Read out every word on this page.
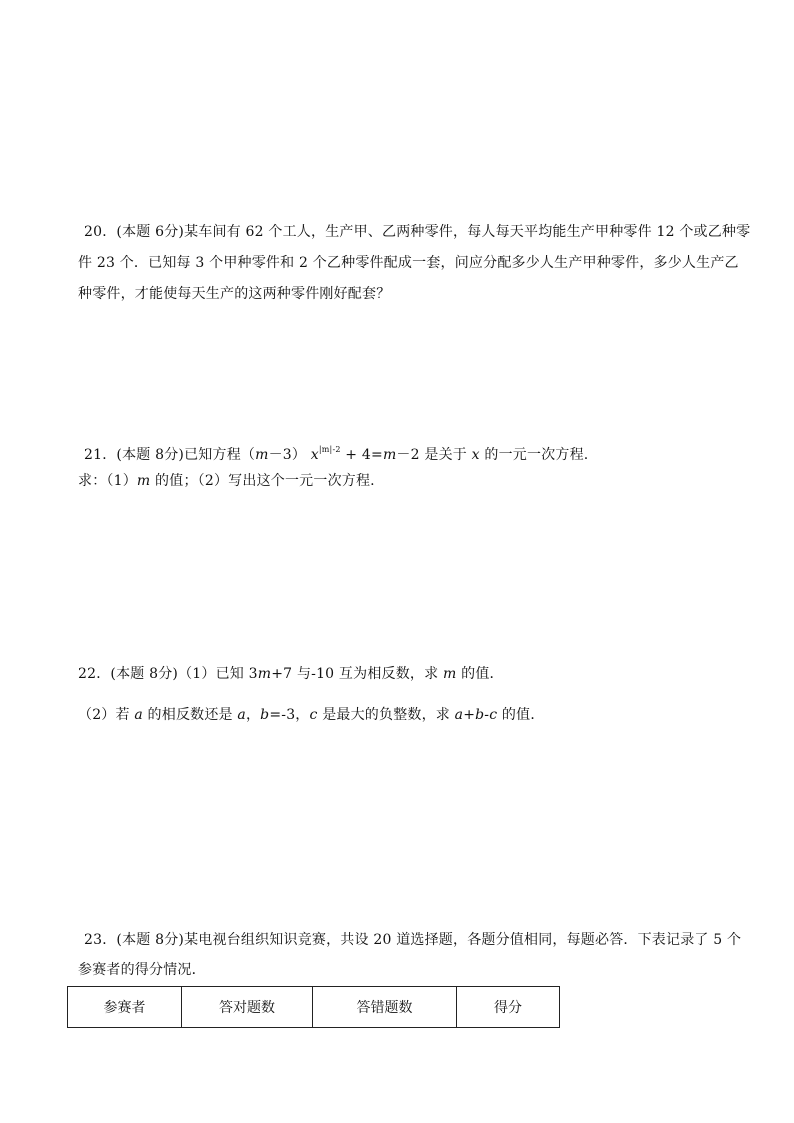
20．(本题 6分)某车间有 62 个工人，生产甲、乙两种零件，每人每天平均能生产甲种零件 12 个或乙种零
件 23 个．已知每 3 个甲种零件和 2 个乙种零件配成一套，问应分配多少人生产甲种零件，多少人生产乙
种零件，才能使每天生产的这两种零件刚好配套？
21．(本题 8分)已知方程（m－3） $x^{|m|-2} + 4=m-2$ 是关于 x 的一元一次方程.
求：（1）m 的值；（2）写出这个一元一次方程.
22．(本题 8分)（1）已知 3m+7 与-10 互为相反数，求 m 的值．
（2）若 a 的相反数还是 a，b=-3，c 是最大的负整数，求 a+b-c 的值．
23．(本题 8分)某电视台组织知识竞赛，共设 20 道选择题，各题分值相同，每题必答．下表记录了 5 个
参赛者的得分情况．
参赛者	答对题数	答错题数	得分
